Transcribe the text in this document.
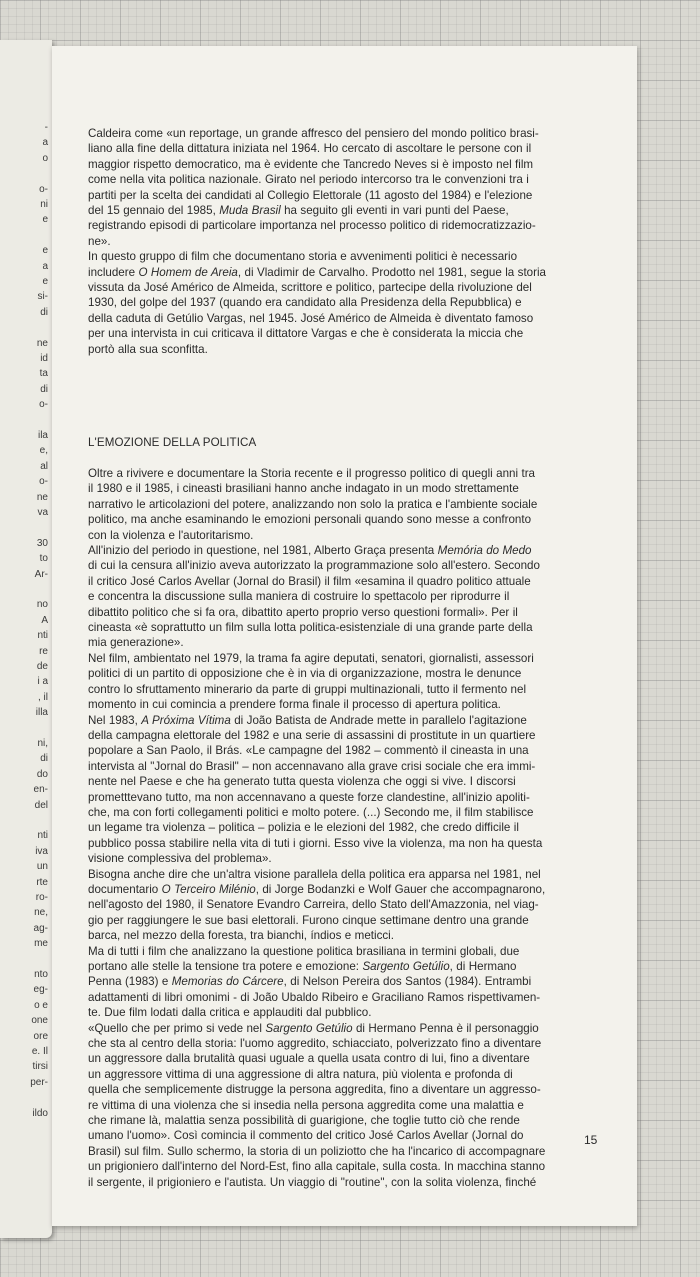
-
a
o
o-
ni
e
e
a
e
si-
di
ne
id
ta
di
o-
ila
e,
al
o-
ne
va
30
to
Ar-
no
A
nti
re
de
i a
, il
illa
ni,
di
do
en-
del
nti
iva
un
rte
ro-
ne,
ag-
me
nto
eg-
o e
one
ore
e. Il
tirsi
per-
ildo

Caldeira come «un reportage, un grande affresco del pensiero del mondo politico brasi-
liano alla fine della dittatura iniziata nel 1964. Ho cercato di ascoltare le persone con il
maggior rispetto democratico, ma è evidente che Tancredo Neves si è imposto nel film
come nella vita politica nazionale. Girato nel periodo intercorso tra le convenzioni tra i
partiti per la scelta dei candidati al Collegio Elettorale (11 agosto del 1984) e l'elezione
del 15 gennaio del 1985, Muda Brasil ha seguito gli eventi in vari punti del Paese,
registrando episodi di particolare importanza nel processo politico di ridemocratizzazio-
ne».

In questo gruppo di film che documentano storia e avvenimenti politici è necessario
includere O Homem de Areia, di Vladimir de Carvalho. Prodotto nel 1981, segue la storia
vissuta da José Américo de Almeida, scrittore e politico, partecipe della rivoluzione del
1930, del golpe del 1937 (quando era candidato alla Presidenza della Repubblica) e
della caduta di Getúlio Vargas, nel 1945. José Américo de Almeida è diventato famoso
per una intervista in cui criticava il dittatore Vargas e che è considerata la miccia che
portò alla sua sconfitta.

L'EMOZIONE DELLA POLITICA

Oltre a rivivere e documentare la Storia recente e il progresso politico di quegli anni tra
il 1980 e il 1985, i cineasti brasiliani hanno anche indagato in un modo strettamente
narrativo le articolazioni del potere, analizzando non solo la pratica e l'ambiente sociale
politico, ma anche esaminando le emozioni personali quando sono messe a confronto
con la violenza e l'autoritarismo.

All'inizio del periodo in questione, nel 1981, Alberto Graça presenta Memória do Medo
di cui la censura all'inizio aveva autorizzato la programmazione solo all'estero. Secondo
il critico José Carlos Avellar (Jornal do Brasil) il film «esamina il quadro politico attuale
e concentra la discussione sulla maniera di costruire lo spettacolo per riprodurre il
dibattito politico che si fa ora, dibattito aperto proprio verso questioni formali». Per il
cineasta «è soprattutto un film sulla lotta politica-esistenziale di una grande parte della
mia generazione».

Nel film, ambientato nel 1979, la trama fa agire deputati, senatori, giornalisti, assessori
politici di un partito di opposizione che è in via di organizzazione, mostra le denunce
contro lo sfruttamento minerario da parte di gruppi multinazionali, tutto il fermento nel
momento in cui comincia a prendere forma finale il processo di apertura politica.

Nel 1983, A Próxima Vítima di João Batista de Andrade mette in parallelo l'agitazione
della campagna elettorale del 1982 e una serie di assassini di prostitute in un quartiere
popolare a San Paolo, il Brás. «Le campagne del 1982 – commentò il cineasta in una
intervista al "Jornal do Brasil" – non accennavano alla grave crisi sociale che era immi-
nente nel Paese e che ha generato tutta questa violenza che oggi si vive. I discorsi
prometttevano tutto, ma non accennavano a queste forze clandestine, all'inizio apoliti-
che, ma con forti collegamenti politici e molto potere. (...) Secondo me, il film stabilisce
un legame tra violenza – politica – polizia e le elezioni del 1982, che credo difficile il
pubblico possa stabilire nella vita di tuti i giorni. Esso vive la violenza, ma non ha questa
visione complessiva del problema».

Bisogna anche dire che un'altra visione parallela della politica era apparsa nel 1981, nel
documentario O Terceiro Milénio, di Jorge Bodanzki e Wolf Gauer che accompagnarono,
nell'agosto del 1980, il Senatore Evandro Carreira, dello Stato dell'Amazzonia, nel viag-
gio per raggiungere le sue basi elettorali. Furono cinque settimane dentro una grande
barca, nel mezzo della foresta, tra bianchi, índios e meticci.

Ma di tutti i film che analizzano la questione politica brasiliana in termini globali, due
portano alle stelle la tensione tra potere e emozione: Sargento Getúlio, di Hermano
Penna (1983) e Memorias do Cárcere, di Nelson Pereira dos Santos (1984). Entrambi
adattamenti di libri omonimi - di João Ubaldo Ribeiro e Graciliano Ramos rispettivamen-
te. Due film lodati dalla critica e applauditi dal pubblico.

«Quello che per primo si vede nel Sargento Getúlio di Hermano Penna è il personaggio
che sta al centro della storia: l'uomo aggredito, schiacciato, polverizzato fino a diventare
un aggressore dalla brutalità quasi uguale a quella usata contro di lui, fino a diventare
un aggressore vittima di una aggressione di altra natura, più violenta e profonda di
quella che semplicemente distrugge la persona aggredita, fino a diventare un aggresso-
re vittima di una violenza che si insedia nella persona aggredita come una malattia e
che rimane là, malattia senza possibilità di guarigione, che toglie tutto ciò che rende
umano l'uomo». Così comincia il commento del critico José Carlos Avellar (Jornal do
Brasil) sul film. Sullo schermo, la storia di un poliziotto che ha l'incarico di accompagnare
un prigioniero dall'interno del Nord-Est, fino alla capitale, sulla costa. In macchina stanno
il sergente, il prigioniero e l'autista. Un viaggio di "routine", con la solita violenza, finché

15
